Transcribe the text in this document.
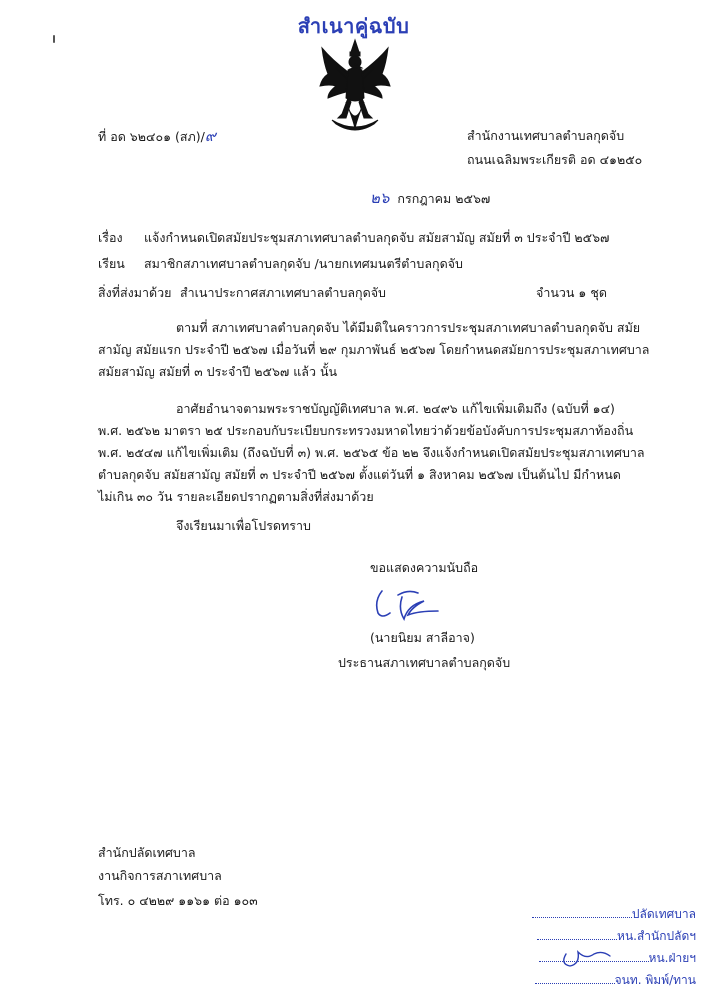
สำเนาคู่ฉบับ
ที่ อด ๖๒๔๐๑ (สภ)/๙	สำนักงานเทศบาลตำบลกุดจับ
ถนนเฉลิมพระเกียรติ อด ๔๑๒๕๐
๒๖ กรกฎาคม ๒๕๖๗
เรื่อง แจ้งกำหนดเปิดสมัยประชุมสภาเทศบาลตำบลกุดจับ สมัยสามัญ สมัยที่ ๓ ประจำปี ๒๕๖๗
เรียน สมาชิกสภาเทศบาลตำบลกุดจับ /นายกเทศมนตรีตำบลกุดจับ
สิ่งที่ส่งมาด้วย สำเนาประกาศสภาเทศบาลตำบลกุดจับ	จำนวน ๑ ชุด
ตามที่ สภาเทศบาลตำบลกุดจับ ได้มีมติในคราวการประชุมสภาเทศบาลตำบลกุดจับ สมัย
สามัญ สมัยแรก ประจำปี ๒๕๖๗ เมื่อวันที่ ๒๙ กุมภาพันธ์ ๒๕๖๗ โดยกำหนดสมัยการประชุมสภาเทศบาล
สมัยสามัญ สมัยที่ ๓ ประจำปี ๒๕๖๗ แล้ว นั้น
อาศัยอำนาจตามพระราชบัญญัติเทศบาล พ.ศ. ๒๔๙๖ แก้ไขเพิ่มเติมถึง (ฉบับที่ ๑๔)
พ.ศ. ๒๕๖๒ มาตรา ๒๕ ประกอบกับระเบียบกระทรวงมหาดไทยว่าด้วยข้อบังคับการประชุมสภาท้องถิ่น
พ.ศ. ๒๕๔๗ แก้ไขเพิ่มเติม (ถึงฉบับที่ ๓) พ.ศ. ๒๕๖๕ ข้อ ๒๒ จึงแจ้งกำหนดเปิดสมัยประชุมสภาเทศบาล
ตำบลกุดจับ สมัยสามัญ สมัยที่ ๓ ประจำปี ๒๕๖๗ ตั้งแต่วันที่ ๑ สิงหาคม ๒๕๖๗ เป็นต้นไป มีกำหนด
ไม่เกิน ๓๐ วัน รายละเอียดปรากฏตามสิ่งที่ส่งมาด้วย
จึงเรียนมาเพื่อโปรดทราบ
ขอแสดงความนับถือ
(นายนิยม สาลีอาจ)
ประธานสภาเทศบาลตำบลกุดจับ
สำนักปลัดเทศบาล
งานกิจการสภาเทศบาล
โทร. ๐ ๔๒๒๙ ๑๑๖๑ ต่อ ๑๐๓
ปลัดเทศบาล
หน.สำนักปลัดฯ
หน.ฝ่ายฯ
จนท. พิมพ์/ทาน
